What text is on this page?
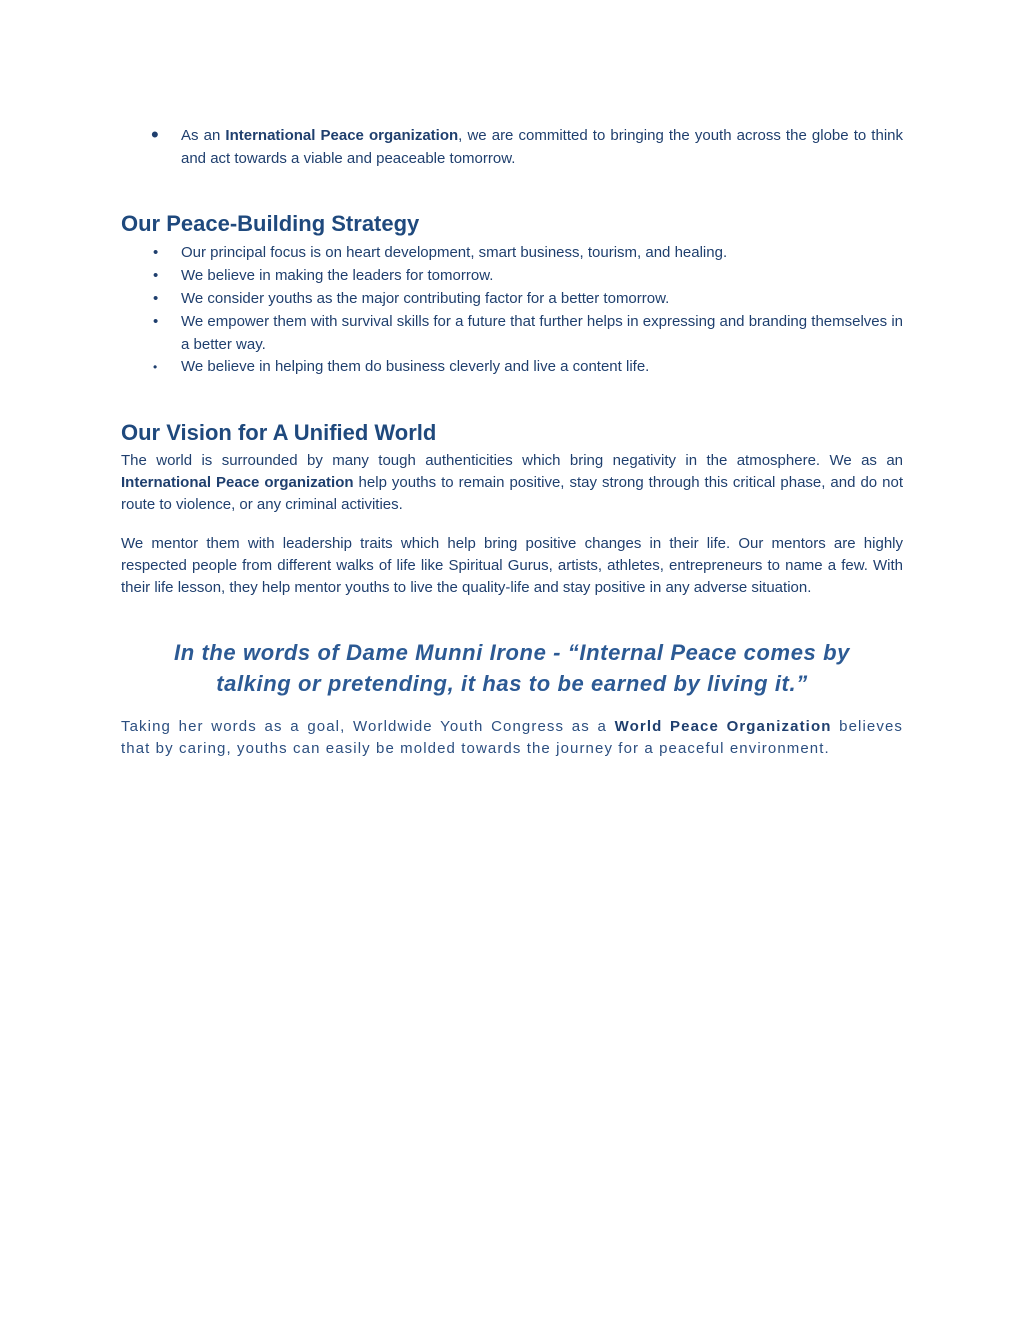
• As an International Peace organization, we are committed to bringing the youth across the globe to think and act towards a viable and peaceable tomorrow.
Our Peace-Building Strategy
• Our principal focus is on heart development, smart business, tourism, and healing.
• We believe in making the leaders for tomorrow.
• We consider youths as the major contributing factor for a better tomorrow.
• We empower them with survival skills for a future that further helps in expressing and branding themselves in a better way.
• We believe in helping them do business cleverly and live a content life.
Our Vision for A Unified World
The world is surrounded by many tough authenticities which bring negativity in the atmosphere. We as an International Peace organization help youths to remain positive, stay strong through this critical phase, and do not route to violence, or any criminal activities.
We mentor them with leadership traits which help bring positive changes in their life. Our mentors are highly respected people from different walks of life like Spiritual Gurus, artists, athletes, entrepreneurs to name a few. With their life lesson, they help mentor youths to live the quality-life and stay positive in any adverse situation.
In the words of Dame Munni Irone - “Internal Peace comes by
talking or pretending, it has to be earned by living it.”
Taking her words as a goal, Worldwide Youth Congress as a World Peace Organization believes that by caring, youths can easily be molded towards the journey for a peaceful environment.
